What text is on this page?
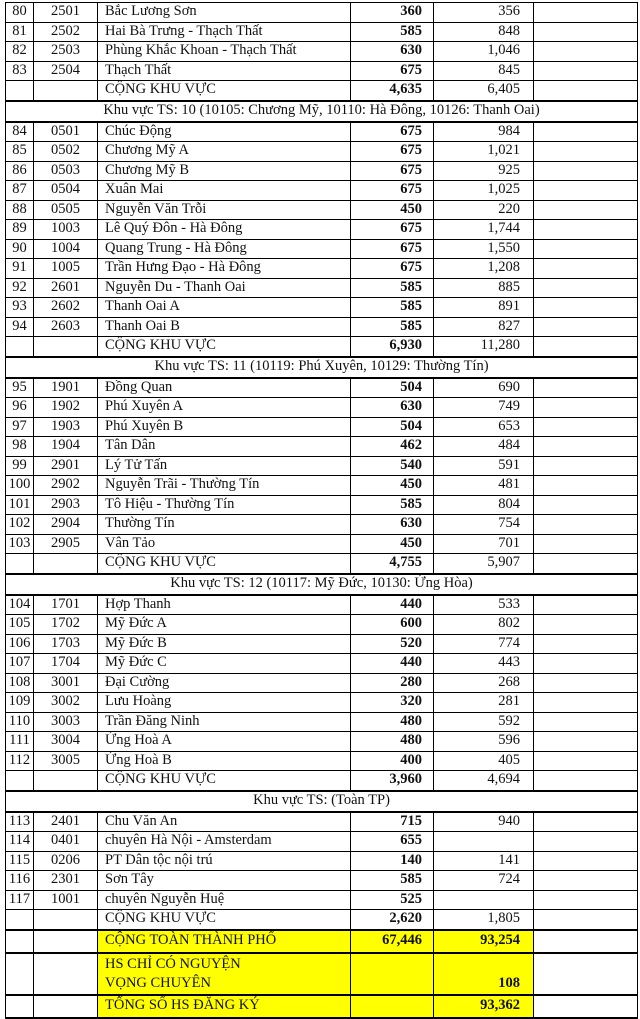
80	2501	Bắc Lương Sơn	360	356	
81	2502	Hai Bà Trưng - Thạch Thất	585	848	
82	2503	Phùng Khắc Khoan - Thạch Thất	630	1,046	
83	2504	Thạch Thất	675	845	
		CỘNG KHU VỰC	4,635	6,405	
Khu vực TS: 10 (10105: Chương Mỹ, 10110: Hà Đông, 10126: Thanh Oai)					
84	0501	Chúc Động	675	984	
85	0502	Chương Mỹ A	675	1,021	
86	0503	Chương Mỹ B	675	925	
87	0504	Xuân Mai	675	1,025	
88	0505	Nguyễn Văn Trỗi	450	220	
89	1003	Lê Quý Đôn - Hà Đông	675	1,744	
90	1004	Quang Trung - Hà Đông	675	1,550	
91	1005	Trần Hưng Đạo - Hà Đông	675	1,208	
92	2601	Nguyễn Du - Thanh Oai	585	885	
93	2602	Thanh Oai A	585	891	
94	2603	Thanh Oai B	585	827	
		CỘNG KHU VỰC	6,930	11,280	
Khu vực TS: 11 (10119: Phú Xuyên, 10129: Thường Tín)					
95	1901	Đồng Quan	504	690	
96	1902	Phú Xuyên A	630	749	
97	1903	Phú Xuyên B	504	653	
98	1904	Tân Dân	462	484	
99	2901	Lý Tử Tấn	540	591	
100	2902	Nguyễn Trãi - Thường Tín	450	481	
101	2903	Tô Hiệu - Thường Tín	585	804	
102	2904	Thường Tín	630	754	
103	2905	Vân Tảo	450	701	
		CỘNG KHU VỰC	4,755	5,907	
Khu vực TS: 12 (10117: Mỹ Đức, 10130: Ứng Hòa)					
104	1701	Hợp Thanh	440	533	
105	1702	Mỹ Đức A	600	802	
106	1703	Mỹ Đức B	520	774	
107	1704	Mỹ Đức C	440	443	
108	3001	Đại Cường	280	268	
109	3002	Lưu Hoàng	320	281	
110	3003	Trần Đăng Ninh	480	592	
111	3004	Ứng Hoà A	480	596	
112	3005	Ứng Hoà B	400	405	
		CỘNG KHU VỰC	3,960	4,694	
Khu vực TS: (Toàn TP)					
113	2401	Chu Văn An	715	940	
114	0401	chuyên Hà Nội - Amsterdam	655		
115	0206	PT Dân tộc nội trú	140	141	
116	2301	Sơn Tây	585	724	
117	1001	chuyên Nguyễn Huệ	525		
		CỘNG KHU VỰC	2,620	1,805	
		CỘNG TOÀN THÀNH PHỐ	67,446	93,254	
		HS CHỈ CÓ NGUYỆN VỌNG CHUYÊN		108	
		TỔNG SỐ HS ĐĂNG KÝ		93,362	
